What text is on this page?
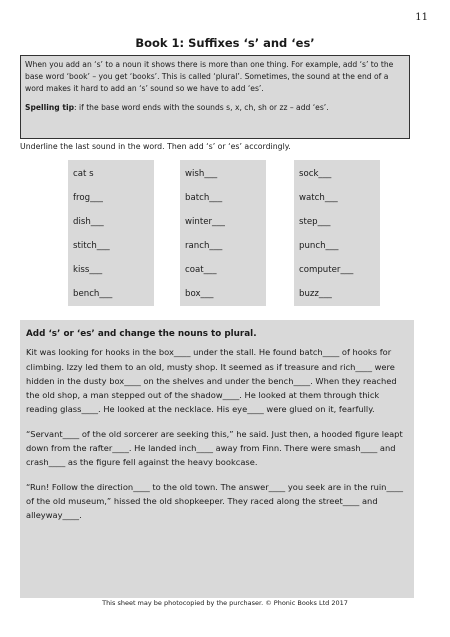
11
Book 1: Suffixes ‘s’ and ‘es’

When you add an ‘s’ to a noun it shows there is more than one thing. For example, add ‘s’ to the base word ‘book’ – you get ‘books’. This is called ‘plural’. Sometimes, the sound at the end of a word makes it hard to add an ‘s’ sound so we have to add ‘es’.

Spelling tip: if the base word ends with the sounds s, x, ch, sh or zz – add ‘es’.

Underline the last sound in the word. Then add ‘s’ or ‘es’ accordingly.
cat s
frog___
dish___
stitch___
kiss___
bench___
wish___
batch___
winter___
ranch___
coat___
box___
sock___
watch___
step___
punch___
computer___
buzz___
Add ‘s’ or ‘es’ and change the nouns to plural.

Kit was looking for hooks in the box____ under the stall. He found batch____ of hooks for climbing. Izzy led them to an old, musty shop. It seemed as if treasure and rich____ were hidden in the dusty box____ on the shelves and under the bench____. When they reached the old shop, a man stepped out of the shadow____. He looked at them through thick reading glass____. He looked at the necklace. His eye____ were glued on it, fearfully.

“Servant____ of the old sorcerer are seeking this,” he said. Just then, a hooded figure leapt down from the rafter____. He landed inch____ away from Finn. There were smash____ and crash____ as the figure fell against the heavy bookcase.

“Run! Follow the direction____ to the old town. The answer____ you seek are in the ruin____ of the old museum,” hissed the old shopkeeper. They raced along the street____ and alleyway____.

This sheet may be photocopied by the purchaser. © Phonic Books Ltd 2017
